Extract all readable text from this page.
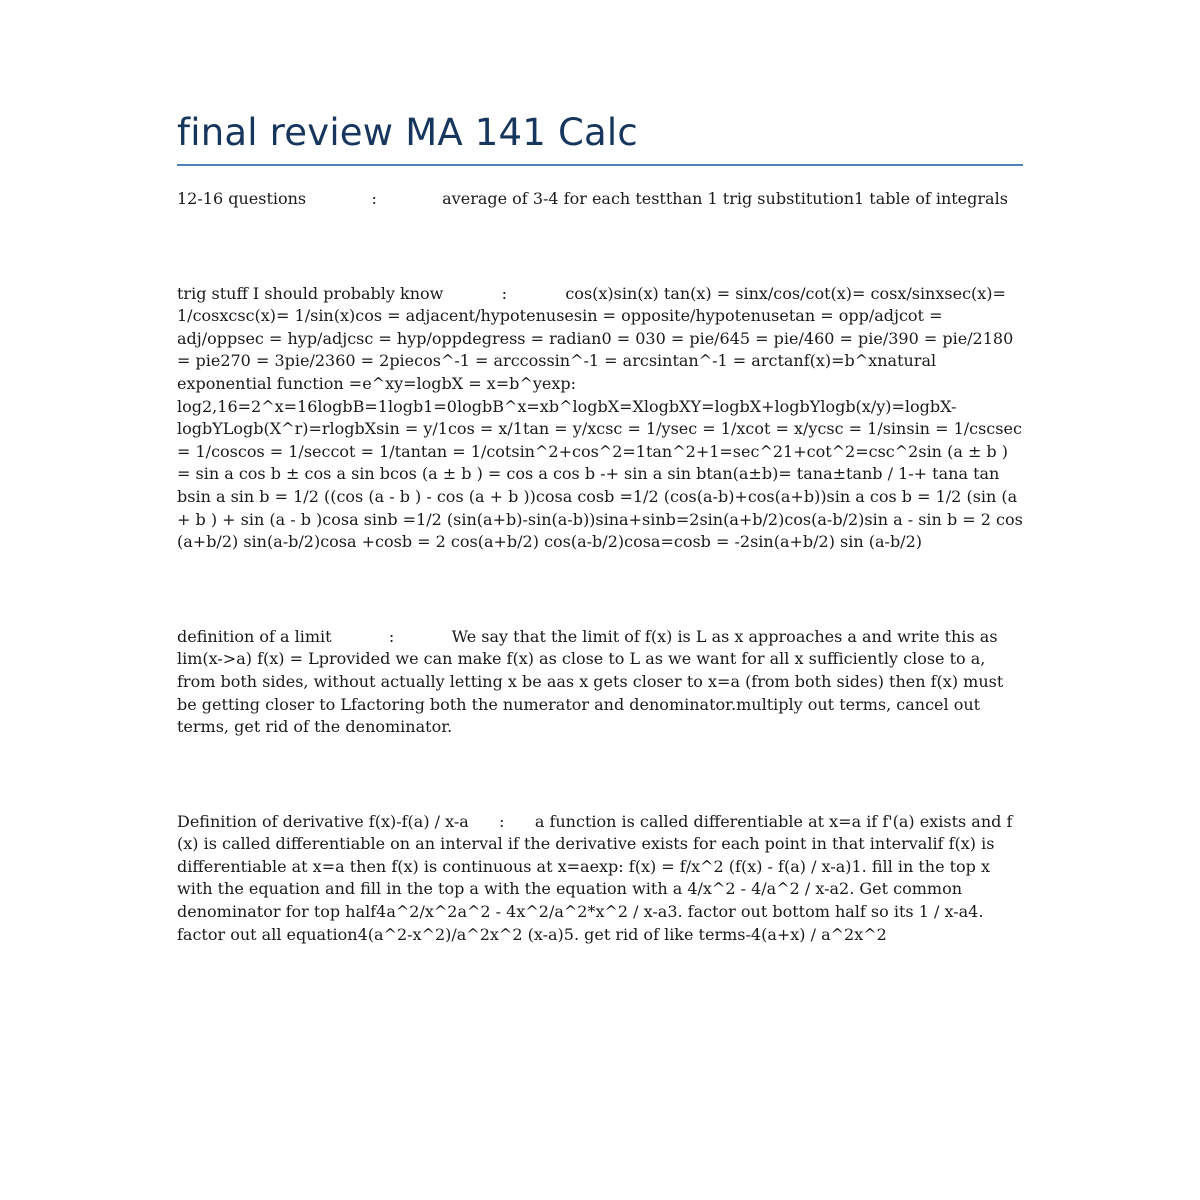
final review MA 141 Calc

12-16 questions	:	average of 3-4 for each testthan 1 trig substitution1 table of integrals

trig stuff I should probably know	:	cos(x)sin(x) tan(x) = sinx/cos/cot(x)= cosx/sinxsec(x)= 1/cosxcsc(x)= 1/sin(x)cos = adjacent/hypotenusesin = opposite/hypotenusetan = opp/adjcot = adj/oppsec = hyp/adjcsc = hyp/oppdegress = radian0 = 030 = pie/645 = pie/460 = pie/390 = pie/2180 = pie270 = 3pie/2360 = 2piecos^-1 = arccossin^-1 = arcsintan^-1 = arctanf(x)=b^xnatural exponential function =e^xy=logbX = x=b^yexp: log2,16=2^x=16logbB=1logb1=0logbB^x=xb^logbX=XlogbXY=logbX+logbYlogb(x/y)=logbX-logbYLogb(X^r)=rlogbXsin = y/1cos = x/1tan = y/xcsc = 1/ysec = 1/xcot = x/ycsc = 1/sinsin = 1/cscsec = 1/coscos = 1/seccot = 1/tantan = 1/cotsin^2+cos^2=1tan^2+1=sec^21+cot^2=csc^2sin (a ± b ) = sin a cos b ± cos a sin bcos (a ± b ) = cos a cos b -+ sin a sin btan(a±b)= tana±tanb / 1-+ tana tan bsin a sin b = 1/2 ((cos (a - b ) - cos (a + b ))cosa cosb =1/2 (cos(a-b)+cos(a+b))sin a cos b = 1/2 (sin (a + b ) + sin (a - b )cosa sinb =1/2 (sin(a+b)-sin(a-b))sina+sinb=2sin(a+b/2)cos(a-b/2)sin a - sin b = 2 cos (a+b/2) sin(a-b/2)cosa +cosb = 2 cos(a+b/2) cos(a-b/2)cosa=cosb = -2sin(a+b/2) sin (a-b/2)

definition of a limit	:	We say that the limit of f(x) is L as x approaches a and write this as lim(x->a) f(x) = Lprovided we can make f(x) as close to L as we want for all x sufficiently close to a, from both sides, without actually letting x be aas x gets closer to x=a (from both sides) then f(x) must be getting closer to Lfactoring both the numerator and denominator.multiply out terms, cancel out terms, get rid of the denominator.

Definition of derivative f(x)-f(a) / x-a : a function is called differentiable at x=a if f'(a) exists and f (x) is called differentiable on an interval if the derivative exists for each point in that intervalif f(x) is differentiable at x=a then f(x) is continuous at x=aexp: f(x) = f/x^2 (f(x) - f(a) / x-a)1. fill in the top x with the equation and fill in the top a with the equation with a 4/x^2 - 4/a^2 / x-a2. Get common denominator for top half4a^2/x^2a^2 - 4x^2/a^2*x^2 / x-a3. factor out bottom half so its 1 / x-a4. factor out all equation4(a^2-x^2)/a^2x^2 (x-a)5. get rid of like terms-4(a+x) / a^2x^2
